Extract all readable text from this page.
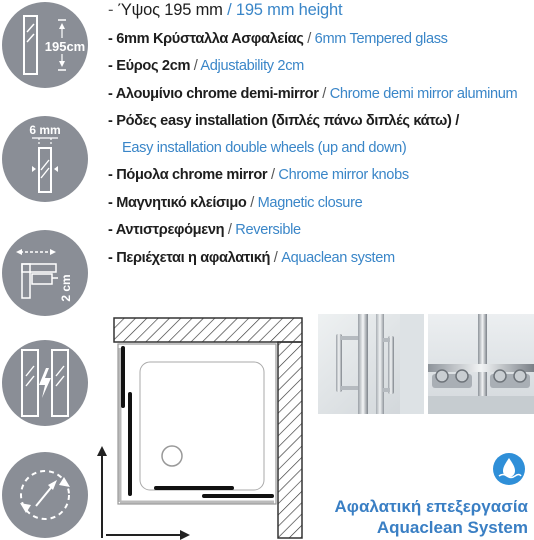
195cm
6 mm
2 cm
- Ύψος 195 mm / 195 mm height
- 6mm Κρύσταλλα Ασφαλείας / 6mm Tempered glass
- Εύρος 2cm / Adjustability 2cm
- Αλουμίνιο chrome demi-mirror / Chrome demi mirror aluminum
- Ρόδες easy installation (διπλές πάνω διπλές κάτω) /
Easy installation double wheels (up and down)
- Πόμολα chrome mirror / Chrome mirror knobs
- Μαγνητικό κλείσιμο / Magnetic closure
- Αντιστρεφόμενη / Reversible
- Περιέχεται η αφαλατική / Aquaclean system
Αφαλατική επεξεργασία
Aquaclean System
